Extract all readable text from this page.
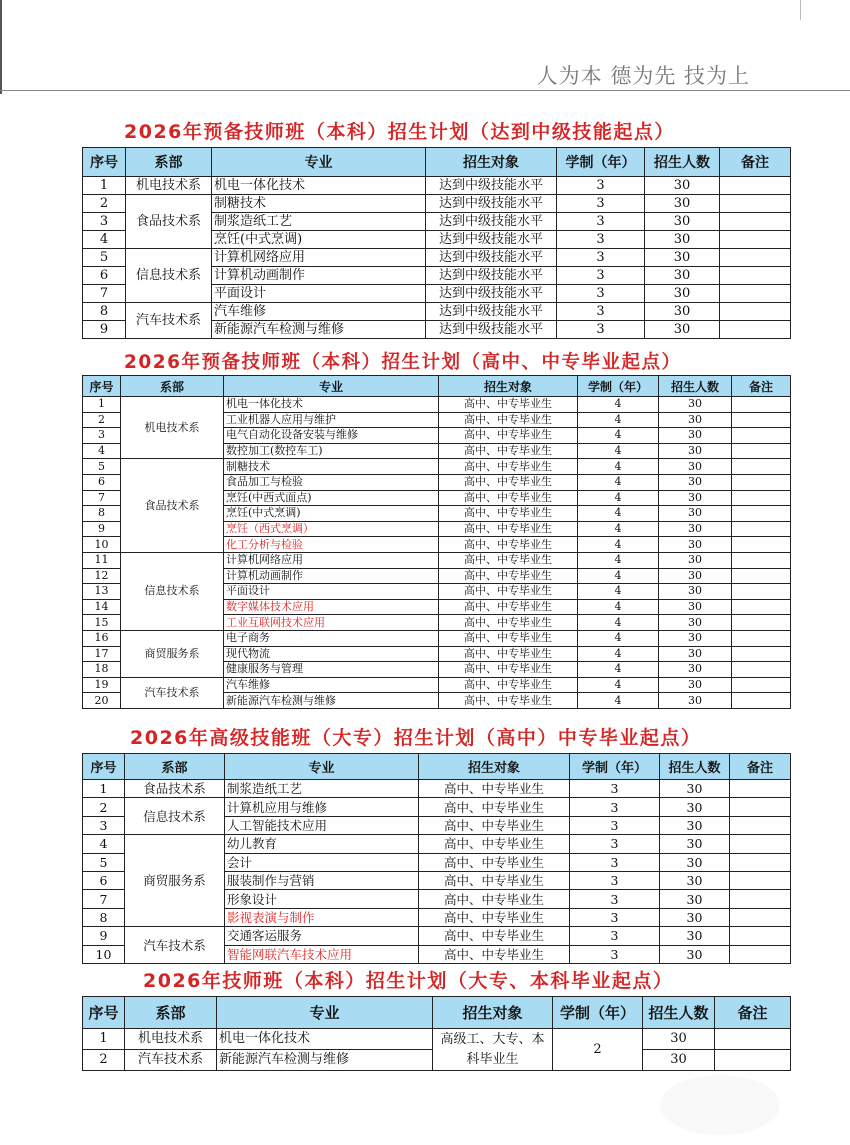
人为本 德为先 技为上
2026年预备技师班（本科）招生计划（达到中级技能起点）
序号	系部	专业	招生对象	学制（年）	招生人数	备注
1	机电技术系	机电一体化技术	达到中级技能水平	3	30	
2	食品技术系	制糖技术	达到中级技能水平	3	30	
3		制浆造纸工艺	达到中级技能水平	3	30	
4		烹饪(中式烹调)	达到中级技能水平	3	30	
5	信息技术系	计算机网络应用	达到中级技能水平	3	30	
6		计算机动画制作	达到中级技能水平	3	30	
7		平面设计	达到中级技能水平	3	30	
8	汽车技术系	汽车维修	达到中级技能水平	3	30	
9		新能源汽车检测与维修	达到中级技能水平	3	30	
2026年预备技师班（本科）招生计划（高中、中专毕业起点）
序号	系部	专业	招生对象	学制（年）	招生人数	备注
1	机电技术系	机电一体化技术	高中、中专毕业生	4	30	
2		工业机器人应用与维护	高中、中专毕业生	4	30	
3		电气自动化设备安装与维修	高中、中专毕业生	4	30	
4		数控加工(数控车工)	高中、中专毕业生	4	30	
5	食品技术系	制糖技术	高中、中专毕业生	4	30	
6		食品加工与检验	高中、中专毕业生	4	30	
7		烹饪(中西式面点)	高中、中专毕业生	4	30	
8		烹饪(中式烹调)	高中、中专毕业生	4	30	
9		烹饪（西式烹调）	高中、中专毕业生	4	30	
10		化工分析与检验	高中、中专毕业生	4	30	
11	信息技术系	计算机网络应用	高中、中专毕业生	4	30	
12		计算机动画制作	高中、中专毕业生	4	30	
13		平面设计	高中、中专毕业生	4	30	
14		数字媒体技术应用	高中、中专毕业生	4	30	
15		工业互联网技术应用	高中、中专毕业生	4	30	
16	商贸服务系	电子商务	高中、中专毕业生	4	30	
17		现代物流	高中、中专毕业生	4	30	
18		健康服务与管理	高中、中专毕业生	4	30	
19	汽车技术系	汽车维修	高中、中专毕业生	4	30	
20		新能源汽车检测与维修	高中、中专毕业生	4	30	
2026年高级技能班（大专）招生计划（高中）中专毕业起点）
序号	系部	专业	招生对象	学制（年）	招生人数	备注
1	食品技术系	制浆造纸工艺	高中、中专毕业生	3	30	
2	信息技术系	计算机应用与维修	高中、中专毕业生	3	30	
3		人工智能技术应用	高中、中专毕业生	3	30	
4	商贸服务系	幼儿教育	高中、中专毕业生	3	30	
5		会计	高中、中专毕业生	3	30	
6		服装制作与营销	高中、中专毕业生	3	30	
7		形象设计	高中、中专毕业生	3	30	
8		影视表演与制作	高中、中专毕业生	3	30	
9	汽车技术系	交通客运服务	高中、中专毕业生	3	30	
10		智能网联汽车技术应用	高中、中专毕业生	3	30	
2026年技师班（本科）招生计划（大专、本科毕业起点）
序号	系部	专业	招生对象	学制（年）	招生人数	备注
1	机电技术系	机电一体化技术	高级工、大专、本科毕业生	2	30	
2	汽车技术系	新能源汽车检测与维修			30	
